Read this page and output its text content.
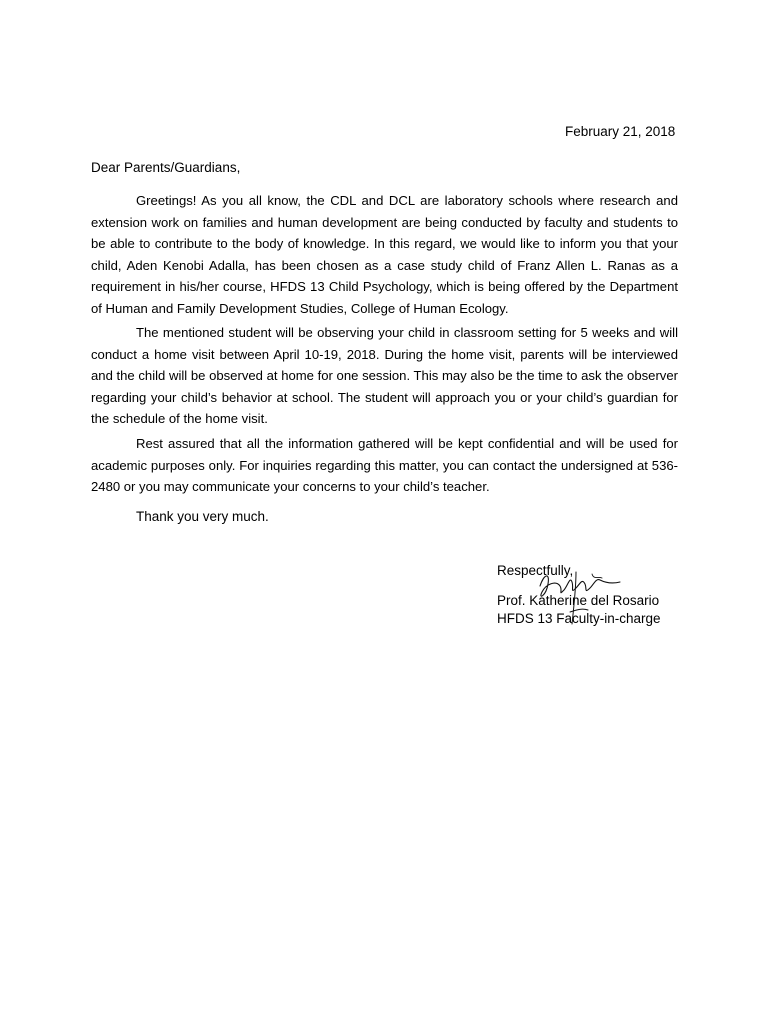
February 21, 2018
Dear Parents/Guardians,

Greetings! As you all know, the CDL and DCL are laboratory schools where research and extension work on families and human development are being conducted by faculty and students to be able to contribute to the body of knowledge. In this regard, we would like to inform you that your child, Aden Kenobi Adalla, has been chosen as a case study child of Franz Allen L. Ranas as a requirement in his/her course, HFDS 13 Child Psychology, which is being offered by the Department of Human and Family Development Studies, College of Human Ecology.

The mentioned student will be observing your child in classroom setting for 5 weeks and will conduct a home visit between April 10-19, 2018. During the home visit, parents will be interviewed and the child will be observed at home for one session. This may also be the time to ask the observer regarding your child’s behavior at school. The student will approach you or your child’s guardian for the schedule of the home visit.

Rest assured that all the information gathered will be kept confidential and will be used for academic purposes only. For inquiries regarding this matter, you can contact the undersigned at 536-2480 or you may communicate your concerns to your child’s teacher.

Thank you very much.
Respectfully,
Prof. Katherine del Rosario
HFDS 13 Faculty-in-charge
